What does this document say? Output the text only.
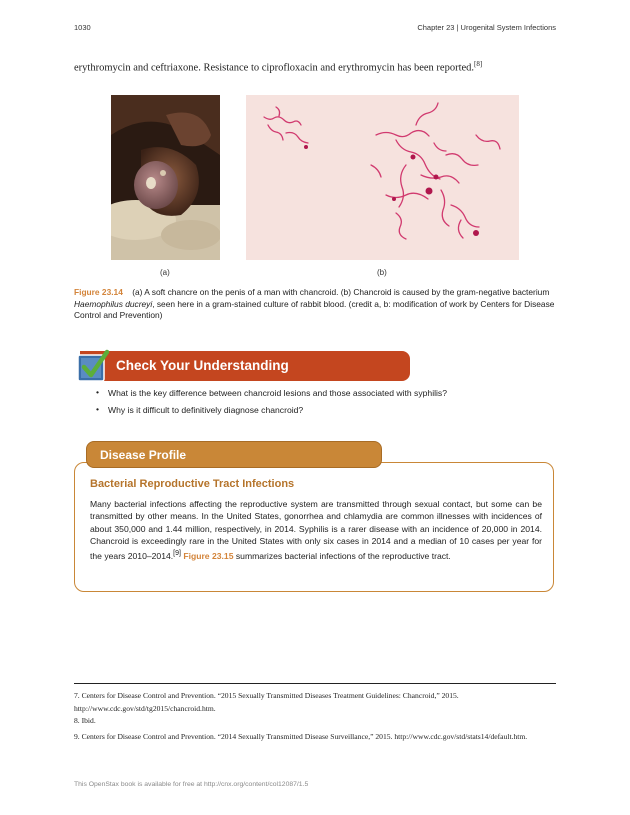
1030	Chapter 23 | Urogenital System Infections
erythromycin and ceftriaxone. Resistance to ciprofloxacin and erythromycin has been reported.[8]
(a)	(b)
Figure 23.14 (a) A soft chancre on the penis of a man with chancroid. (b) Chancroid is caused by the gram-negative bacterium Haemophilus ducreyi, seen here in a gram-stained culture of rabbit blood. (credit a, b: modification of work by Centers for Disease Control and Prevention)
Check Your Understanding
• What is the key difference between chancroid lesions and those associated with syphilis?
• Why is it difficult to definitively diagnose chancroid?
Disease Profile
Bacterial Reproductive Tract Infections
Many bacterial infections affecting the reproductive system are transmitted through sexual contact, but some can be transmitted by other means. In the United States, gonorrhea and chlamydia are common illnesses with incidences of about 350,000 and 1.44 million, respectively, in 2014. Syphilis is a rarer disease with an incidence of 20,000 in 2014. Chancroid is exceedingly rare in the United States with only six cases in 2014 and a median of 10 cases per year for the years 2010–2014.[9] Figure 23.15 summarizes bacterial infections of the reproductive tract.
7. Centers for Disease Control and Prevention. “2015 Sexually Transmitted Diseases Treatment Guidelines: Chancroid,” 2015. http://www.cdc.gov/std/tg2015/chancroid.htm.
8. Ibid.
9. Centers for Disease Control and Prevention. “2014 Sexually Transmitted Disease Surveillance,” 2015. http://www.cdc.gov/std/stats14/default.htm.
This OpenStax book is available for free at http://cnx.org/content/col12087/1.5
